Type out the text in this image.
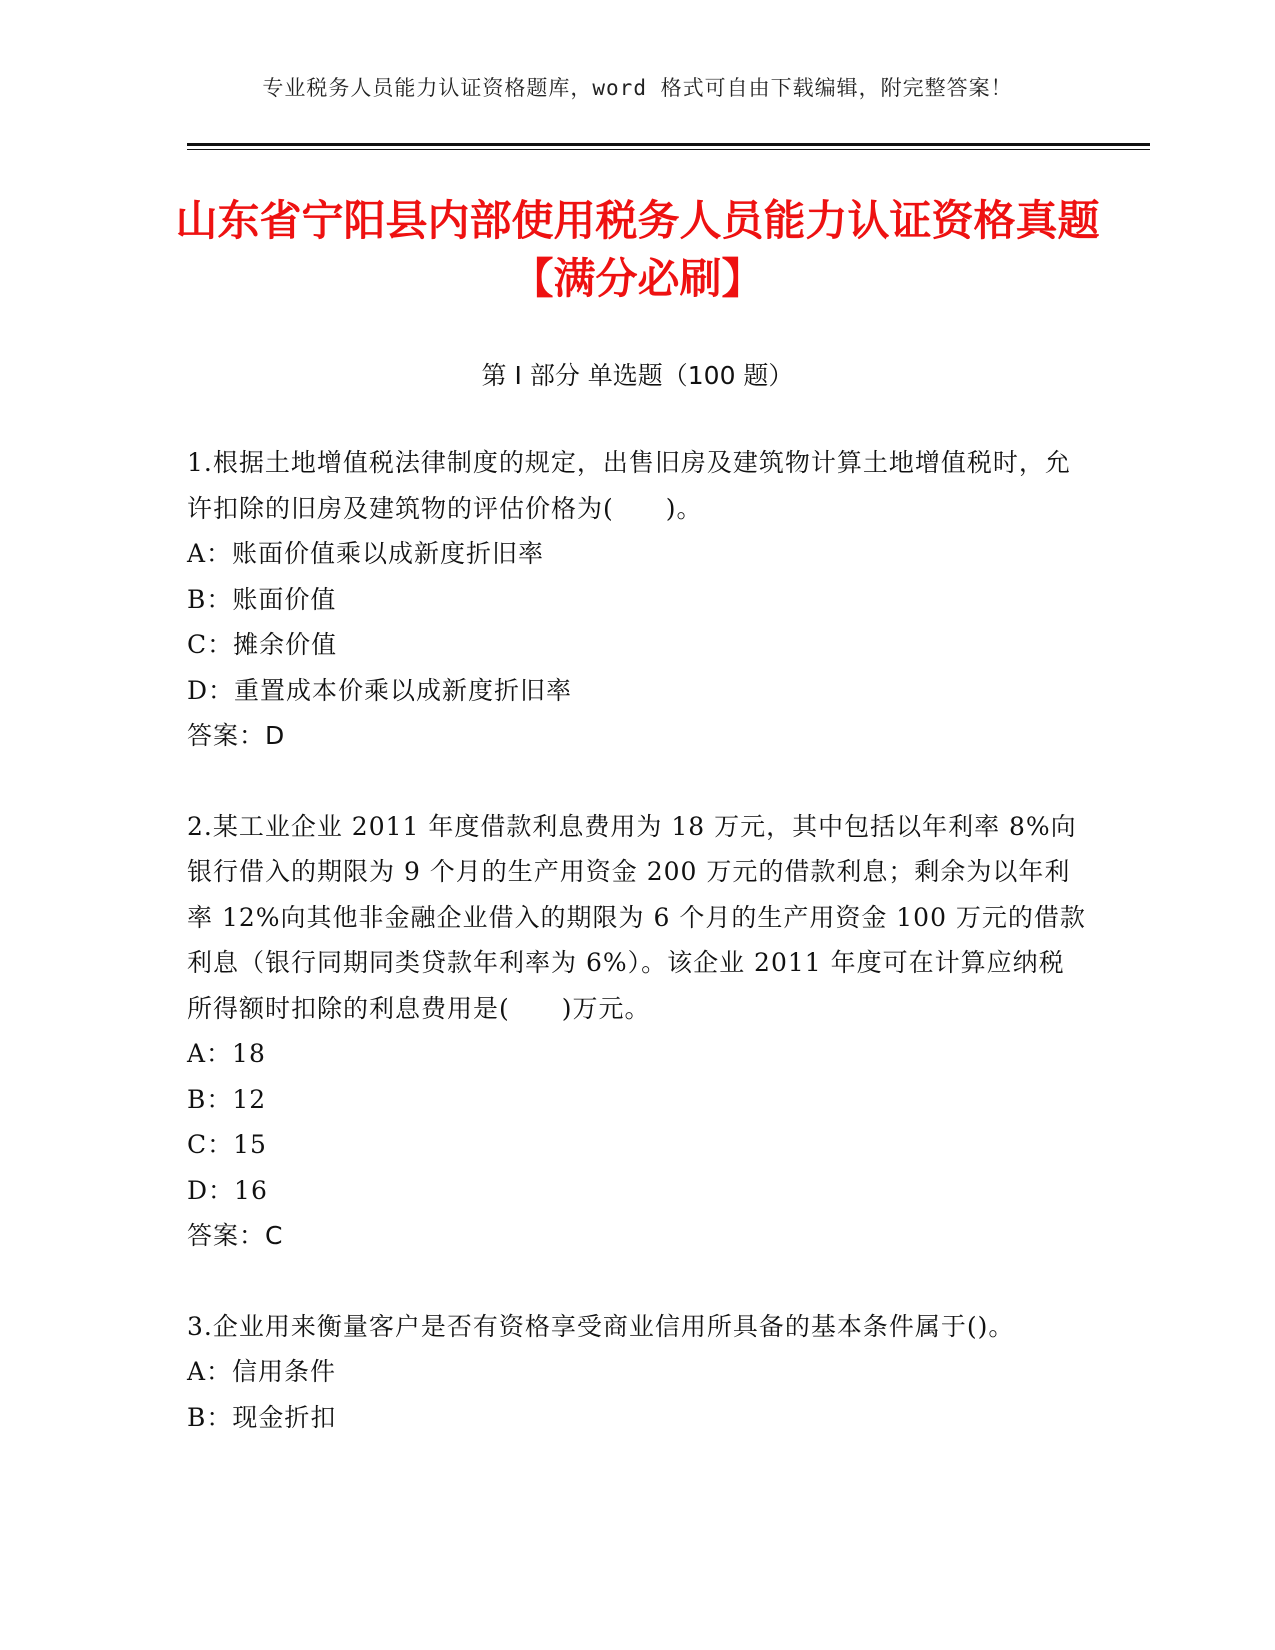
专业税务人员能力认证资格题库，word 格式可自由下载编辑，附完整答案！
山东省宁阳县内部使用税务人员能力认证资格真题【满分必刷】
第 I 部分 单选题（100 题）

1.根据土地增值税法律制度的规定，出售旧房及建筑物计算土地增值税时，允许扣除的旧房及建筑物的评估价格为(　　)。

A：账面价值乘以成新度折旧率

B：账面价值

C：摊余价值

D：重置成本价乘以成新度折旧率

答案：D

2.某工业企业 2011 年度借款利息费用为 18 万元，其中包括以年利率 8%向银行借入的期限为 9 个月的生产用资金 200 万元的借款利息；剩余为以年利率 12%向其他非金融企业借入的期限为 6 个月的生产用资金 100 万元的借款利息（银行同期同类贷款年利率为 6%）。该企业 2011 年度可在计算应纳税所得额时扣除的利息费用是(　　)万元。

A：18

B：12

C：15

D：16

答案：C

3.企业用来衡量客户是否有资格享受商业信用所具备的基本条件属于()。

A：信用条件

B：现金折扣
